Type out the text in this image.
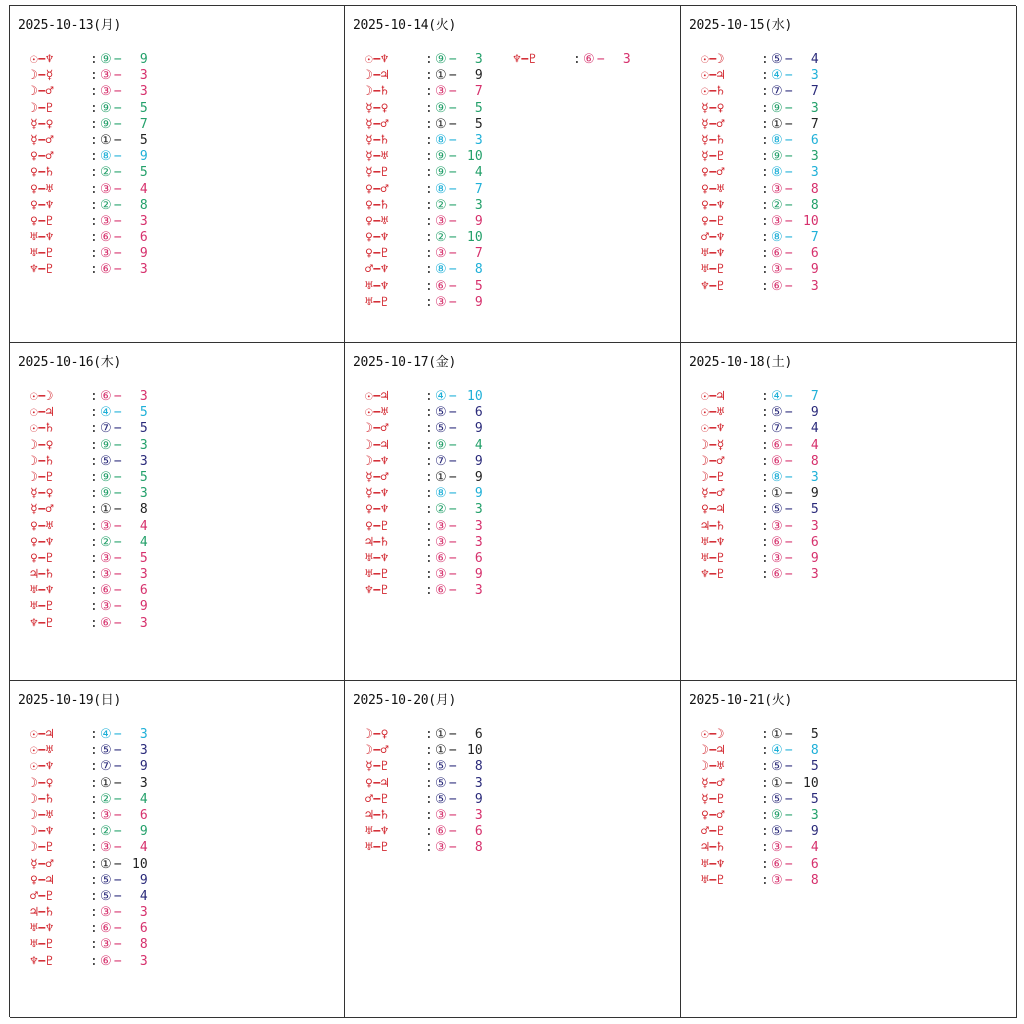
2025-10-13(月)
☉−♆	: ⑨ − 9
☽−☿	: ③ − 3
☽−♂	: ③ − 3
☽−♇	: ⑨ − 5
☿−♀	: ⑨ − 7
☿−♂	: ① − 5
♀−♂	: ⑧ − 9
♀−♄	: ② − 5
♀−♅	: ③ − 4
♀−♆	: ② − 8
♀−♇	: ③ − 3
♅−♆	: ⑥ − 6
♅−♇	: ③ − 9
♆−♇	: ⑥ − 3
2025-10-14(火)
☉−♆	: ⑨ − 3
☽−♃	: ① − 9
☽−♄	: ③ − 7
☿−♀	: ⑨ − 5
☿−♂	: ① − 5
☿−♄	: ⑧ − 3
☿−♅	: ⑨ − 10
☿−♇	: ⑨ − 4
♀−♂	: ⑧ − 7
♀−♄	: ② − 3
♀−♅	: ③ − 9
♀−♆	: ② − 10
♀−♇	: ③ − 7
♂−♆	: ⑧ − 8
♅−♆	: ⑥ − 5
♅−♇	: ③ − 9
♆−♇	: ⑥ − 3
2025-10-15(水)
☉−☽	: ⑤ − 4
☉−♃	: ④ − 3
☉−♄	: ⑦ − 7
☿−♀	: ⑨ − 3
☿−♂	: ① − 7
☿−♄	: ⑧ − 6
☿−♇	: ⑨ − 3
♀−♂	: ⑧ − 3
♀−♅	: ③ − 8
♀−♆	: ② − 8
♀−♇	: ③ − 10
♂−♆	: ⑧ − 7
♅−♆	: ⑥ − 6
♅−♇	: ③ − 9
♆−♇	: ⑥ − 3
2025-10-16(木)
☉−☽	: ⑥ − 3
☉−♃	: ④ − 5
☉−♄	: ⑦ − 5
☽−♀	: ⑨ − 3
☽−♄	: ⑤ − 3
☽−♇	: ⑨ − 5
☿−♀	: ⑨ − 3
☿−♂	: ① − 8
♀−♅	: ③ − 4
♀−♆	: ② − 4
♀−♇	: ③ − 5
♃−♄	: ③ − 3
♅−♆	: ⑥ − 6
♅−♇	: ③ − 9
♆−♇	: ⑥ − 3
2025-10-17(金)
☉−♃	: ④ − 10
☉−♅	: ⑤ − 6
☽−♂	: ⑤ − 9
☽−♃	: ⑨ − 4
☽−♆	: ⑦ − 9
☿−♂	: ① − 9
☿−♆	: ⑧ − 9
♀−♆	: ② − 3
♀−♇	: ③ − 3
♃−♄	: ③ − 3
♅−♆	: ⑥ − 6
♅−♇	: ③ − 9
♆−♇	: ⑥ − 3
2025-10-18(土)
☉−♃	: ④ − 7
☉−♅	: ⑤ − 9
☉−♆	: ⑦ − 4
☽−☿	: ⑥ − 4
☽−♂	: ⑥ − 8
☽−♇	: ⑧ − 3
☿−♂	: ① − 9
♀−♃	: ⑤ − 5
♃−♄	: ③ − 3
♅−♆	: ⑥ − 6
♅−♇	: ③ − 9
♆−♇	: ⑥ − 3
2025-10-19(日)
☉−♃	: ④ − 3
☉−♅	: ⑤ − 3
☉−♆	: ⑦ − 9
☽−♀	: ① − 3
☽−♄	: ② − 4
☽−♅	: ③ − 6
☽−♆	: ② − 9
☽−♇	: ③ − 4
☿−♂	: ① − 10
♀−♃	: ⑤ − 9
♂−♇	: ⑤ − 4
♃−♄	: ③ − 3
♅−♆	: ⑥ − 6
♅−♇	: ③ − 8
♆−♇	: ⑥ − 3
2025-10-20(月)
☽−♀	: ① − 6
☽−♂	: ① − 10
☿−♇	: ⑤ − 8
♀−♃	: ⑤ − 3
♂−♇	: ⑤ − 9
♃−♄	: ③ − 3
♅−♆	: ⑥ − 6
♅−♇	: ③ − 8
2025-10-21(火)
☉−☽	: ① − 5
☽−♃	: ④ − 8
☽−♅	: ⑤ − 5
☿−♂	: ① − 10
☿−♇	: ⑤ − 5
♀−♂	: ⑨ − 3
♂−♇	: ⑤ − 9
♃−♄	: ③ − 4
♅−♆	: ⑥ − 6
♅−♇	: ③ − 8
